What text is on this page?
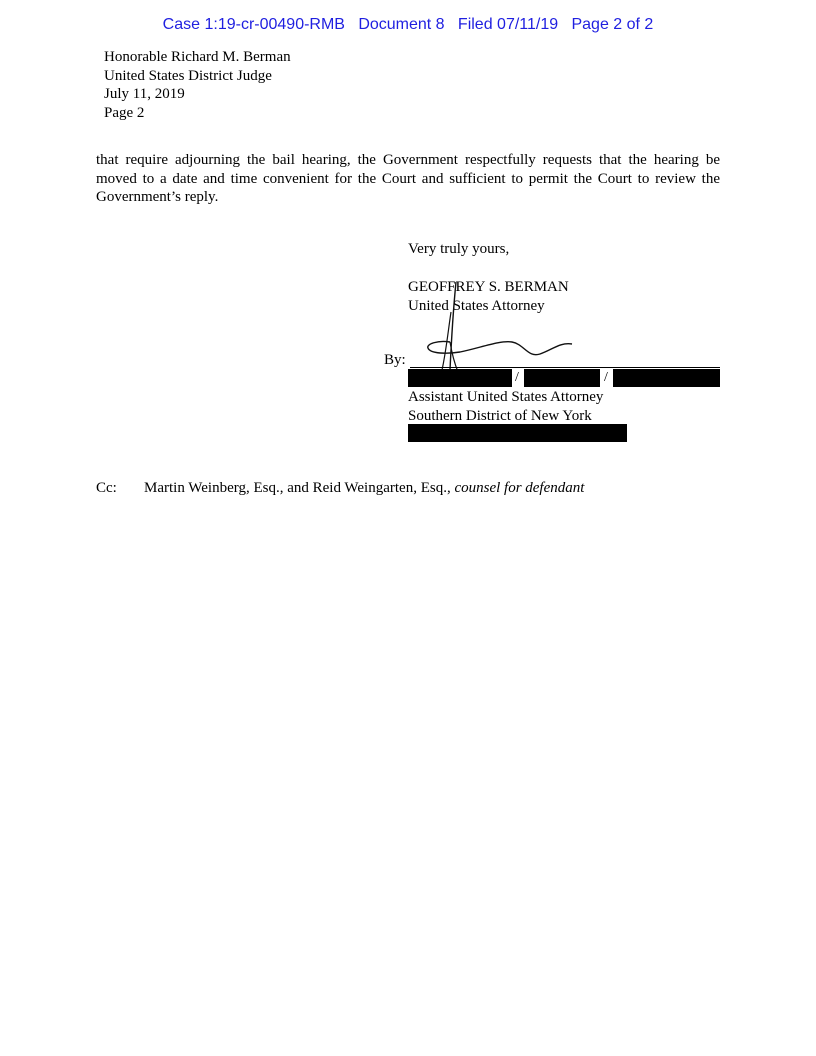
Case 1:19-cr-00490-RMB Document 8 Filed 07/11/19 Page 2 of 2
Honorable Richard M. Berman
United States District Judge
July 11, 2019
Page 2
that require adjourning the bail hearing, the Government respectfully requests that the hearing be moved to a date and time convenient for the Court and sufficient to permit the Court to review the Government’s reply.
Very truly yours,
GEOFFREY S. BERMAN
United States Attorney
By:
/	/
Assistant United States Attorney
Southern District of New York
Cc: Martin Weinberg, Esq., and Reid Weingarten, Esq., counsel for defendant
